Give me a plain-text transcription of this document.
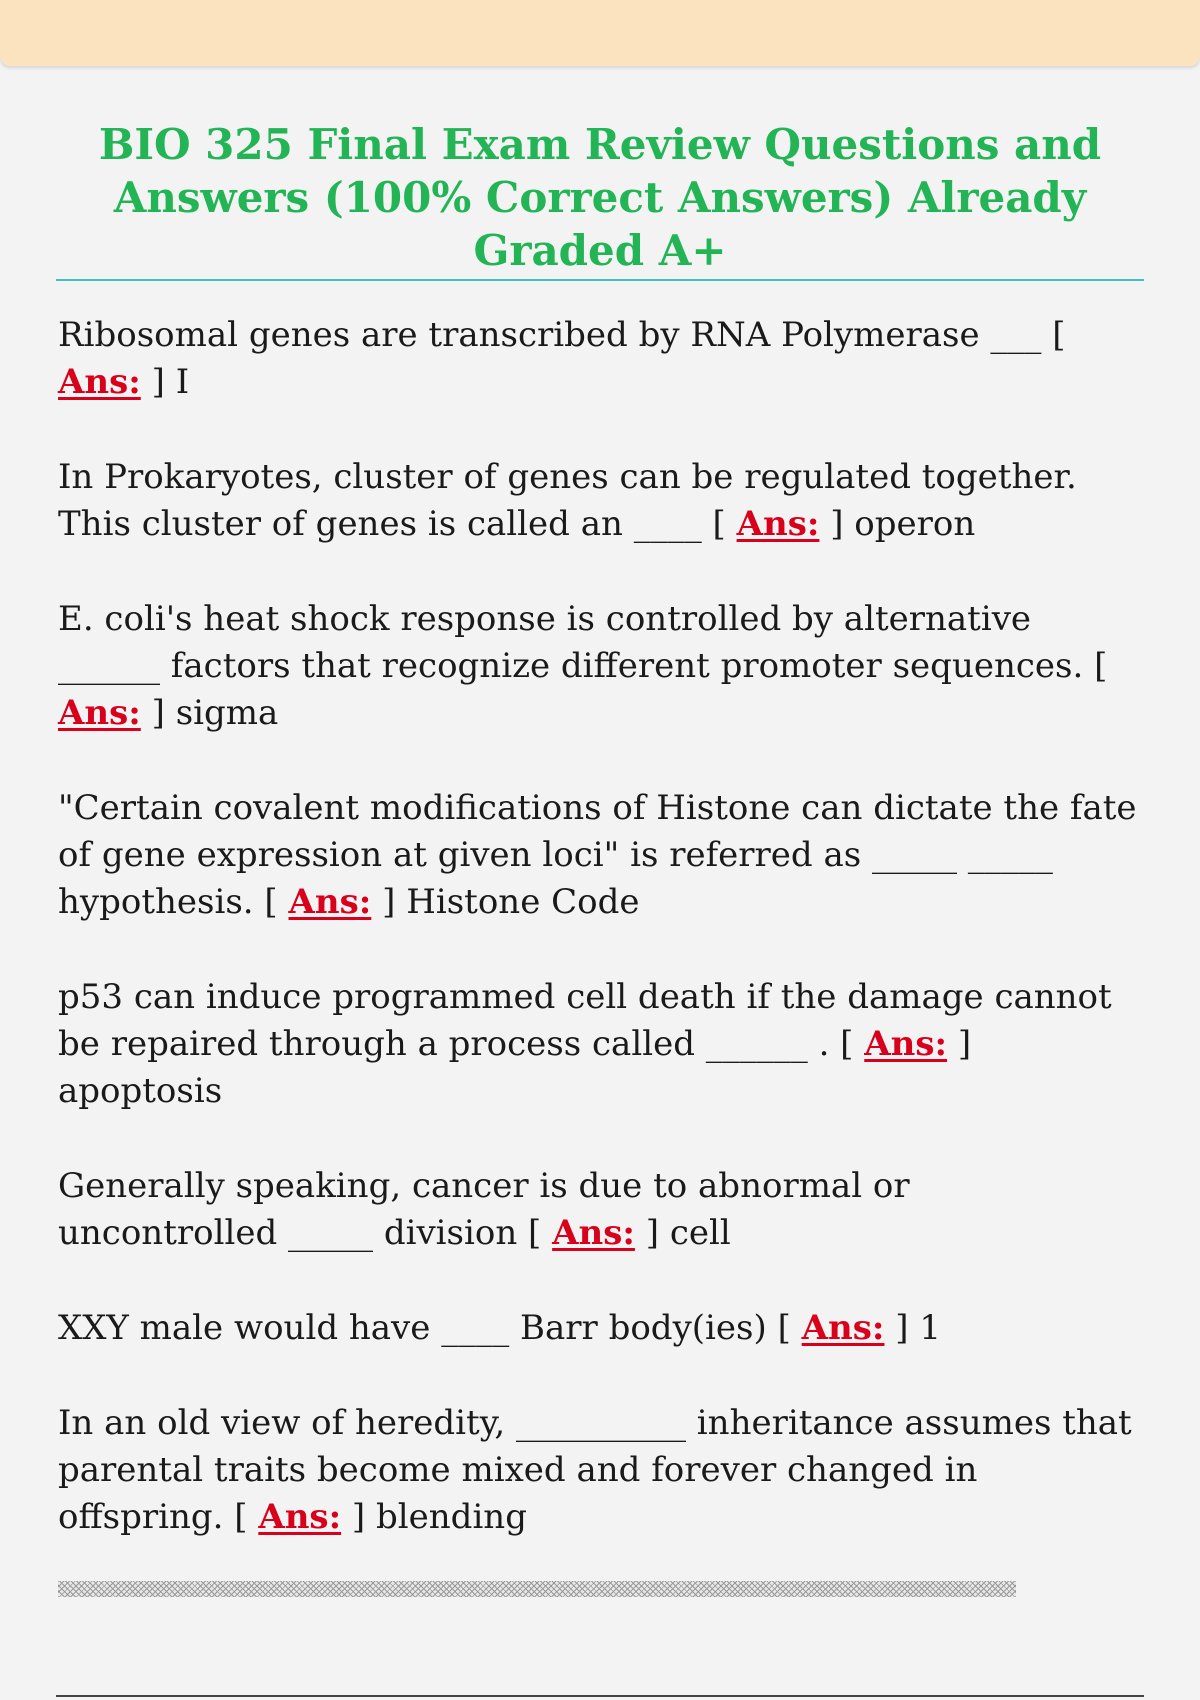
BIO 325 Final Exam Review Questions and Answers (100% Correct Answers) Already Graded A+

Ribosomal genes are transcribed by RNA Polymerase ___ [ Ans: ] I

In Prokaryotes, cluster of genes can be regulated together. This cluster of genes is called an ____ [ Ans: ] operon

E. coli's heat shock response is controlled by alternative ______ factors that recognize different promoter sequences. [ Ans: ] sigma

"Certain covalent modifications of Histone can dictate the fate of gene expression at given loci" is referred as _____ _____ hypothesis. [ Ans: ] Histone Code

p53 can induce programmed cell death if the damage cannot be repaired through a process called ______ . [ Ans: ] apoptosis

Generally speaking, cancer is due to abnormal or uncontrolled _____ division [ Ans: ] cell

XXY male would have ____ Barr body(ies) [ Ans: ] 1

In an old view of heredity, __________ inheritance assumes that parental traits become mixed and forever changed in offspring. [ Ans: ] blending
